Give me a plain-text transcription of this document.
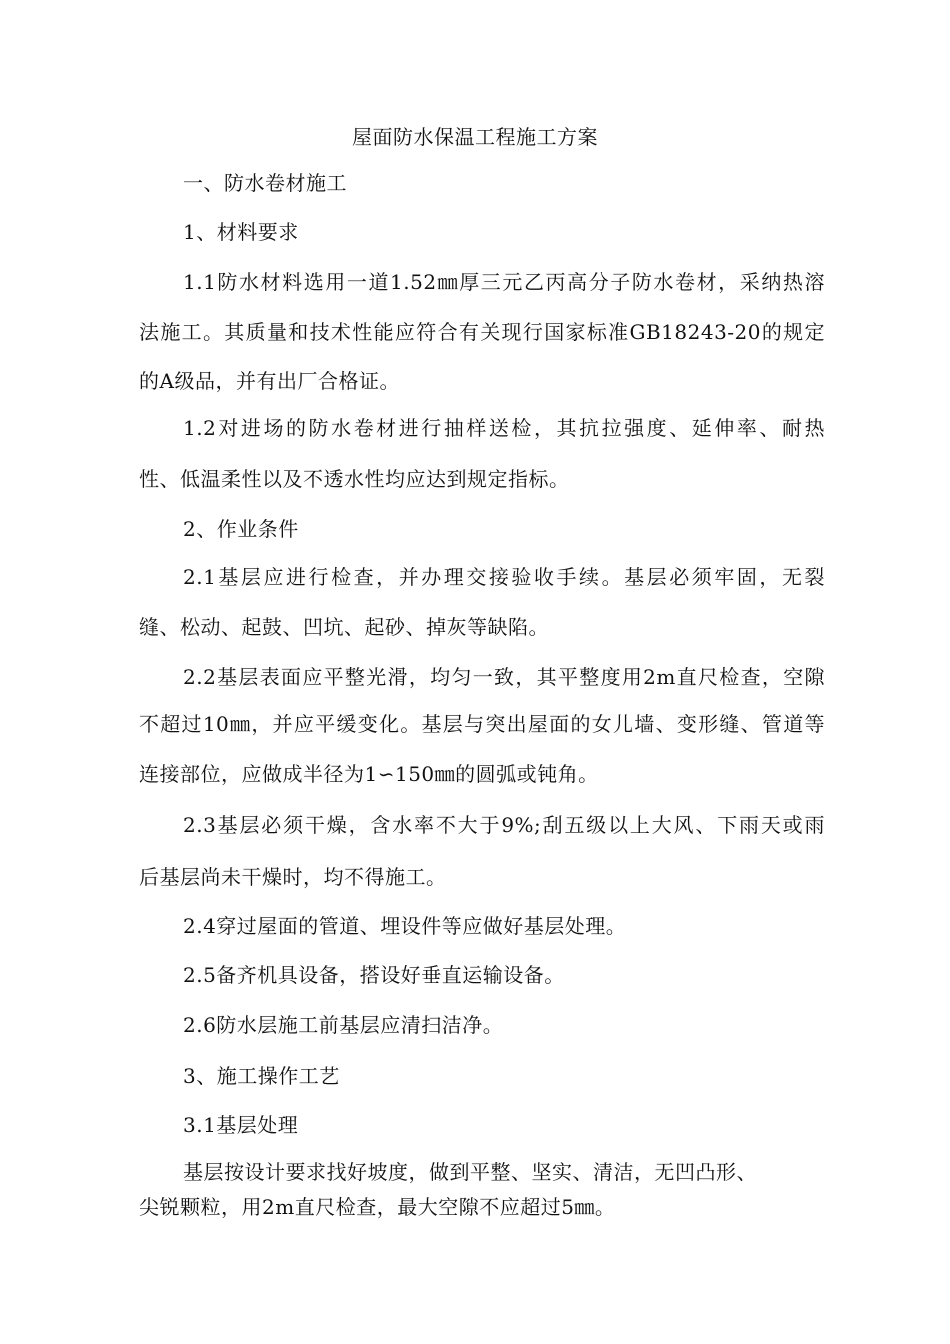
屋面防水保温工程施工方案
一、防水卷材施工
1、材料要求
1.1防水材料选用一道1.52㎜厚三元乙丙高分子防水卷材，采纳热溶
法施工。其质量和技术性能应符合有关现行国家标准GB18243-20的规定
的A级品，并有出厂合格证。
1.2对进场的防水卷材进行抽样送检，其抗拉强度、延伸率、耐热
性、低温柔性以及不透水性均应达到规定指标。
2、作业条件
2.1基层应进行检查，并办理交接验收手续。基层必须牢固，无裂
缝、松动、起鼓、凹坑、起砂、掉灰等缺陷。
2.2基层表面应平整光滑，均匀一致，其平整度用2m直尺检查，空隙
不超过10㎜，并应平缓变化。基层与突出屋面的女儿墙、变形缝、管道等
连接部位，应做成半径为1∽150㎜的圆弧或钝角。
2.3基层必须干燥，含水率不大于9%;刮五级以上大风、下雨天或雨
后基层尚未干燥时，均不得施工。
2.4穿过屋面的管道、埋设件等应做好基层处理。
2.5备齐机具设备，搭设好垂直运输设备。
2.6防水层施工前基层应清扫洁净。
3、施工操作工艺
3.1基层处理
基层按设计要求找好坡度，做到平整、坚实、清洁，无凹凸形、
尖锐颗粒，用2m直尺检查，最大空隙不应超过5㎜。
